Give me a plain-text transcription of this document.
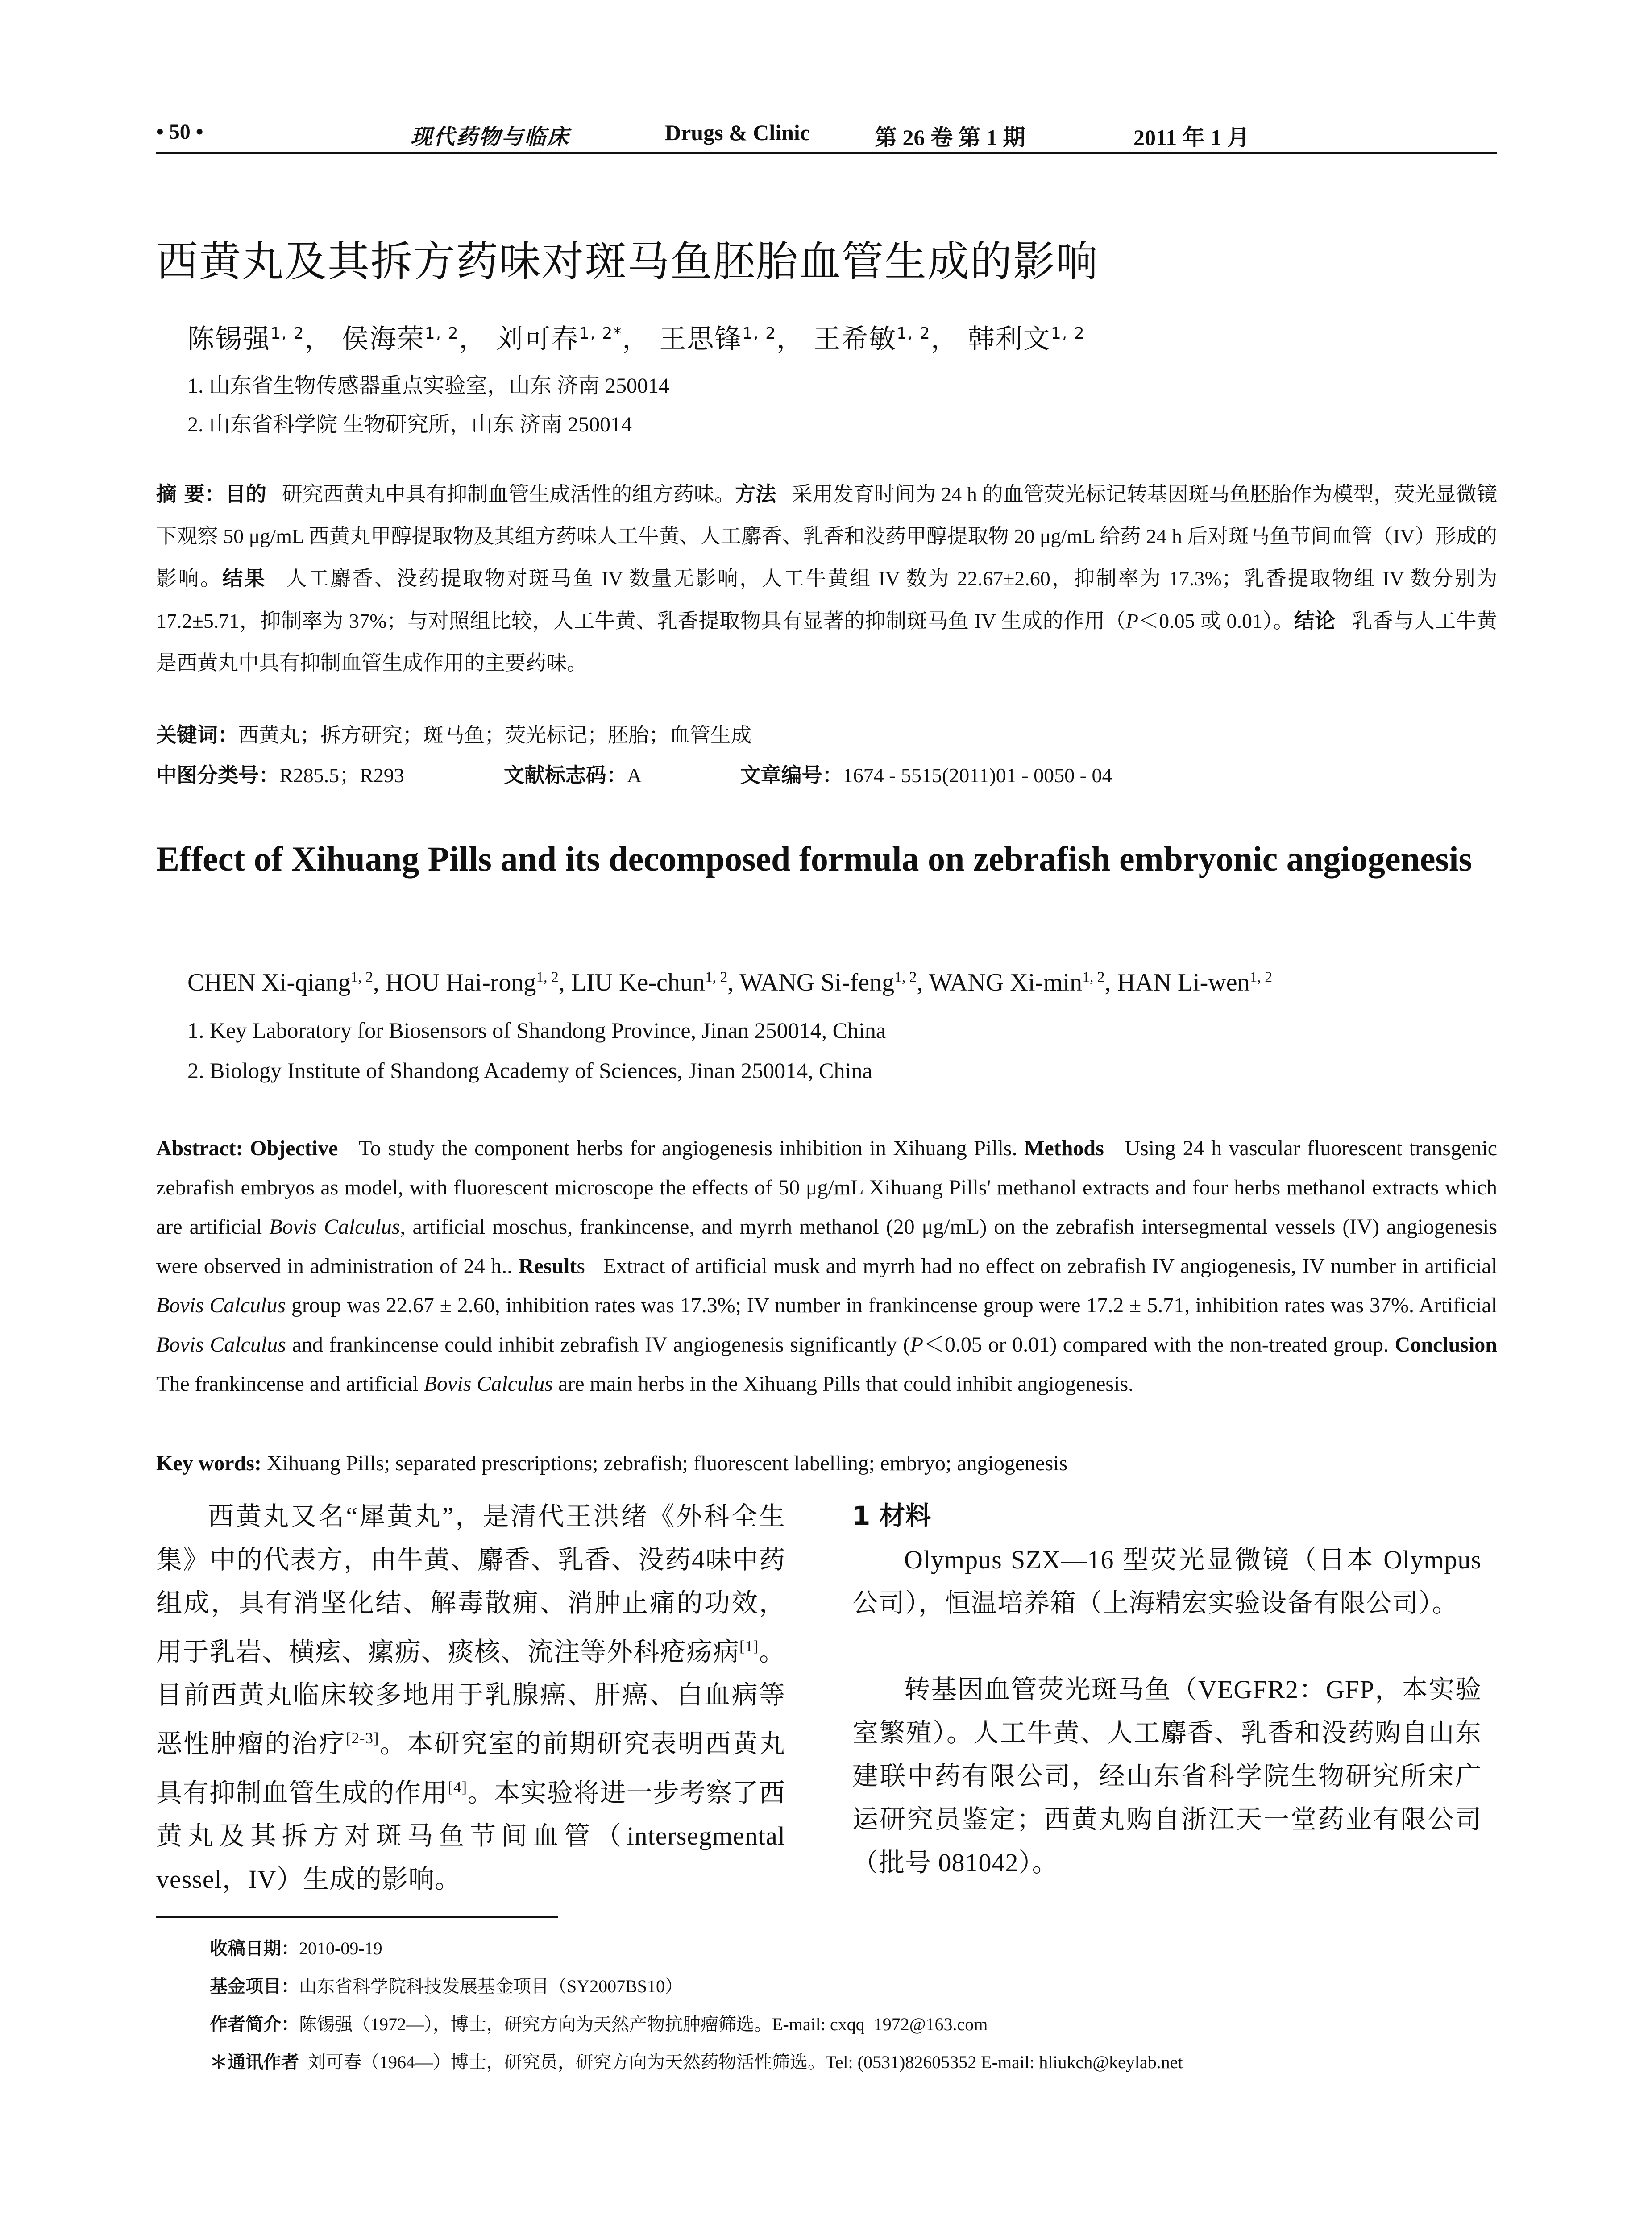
• 50 •	现代药物与临床	Drugs & Clinic	第 26 卷 第 1 期	2011 年 1 月
西黄丸及其拆方药味对斑马鱼胚胎血管生成的影响
陈锡强$^{1, 2}$， 侯海荣$^{1, 2}$， 刘可春$^{1, 2*}$， 王思锋$^{1, 2}$， 王希敏$^{1, 2}$， 韩利文$^{1, 2}$
1. 山东省生物传感器重点实验室，山东 济南 250014
2. 山东省科学院 生物研究所，山东 济南 250014
摘 要：目的 研究西黄丸中具有抑制血管生成活性的组方药味。方法 采用发育时间为 24 h 的血管荧光标记转基因斑马鱼胚胎作为模型，荧光显微镜下观察 50 μg/mL 西黄丸甲醇提取物及其组方药味人工牛黄、人工麝香、乳香和没药甲醇提取物 20 μg/mL 给药 24 h 后对斑马鱼节间血管（IV）形成的影响。结果 人工麝香、没药提取物对斑马鱼 IV 数量无影响，人工牛黄组 IV 数为 22.67±2.60，抑制率为 17.3%；乳香提取物组 IV 数分别为 17.2±5.71，抑制率为 37%；与对照组比较，人工牛黄、乳香提取物具有显著的抑制斑马鱼 IV 生成的作用（P＜0.05 或 0.01）。结论 乳香与人工牛黄是西黄丸中具有抑制血管生成作用的主要药味。
关键词：西黄丸；拆方研究；斑马鱼；荧光标记；胚胎；血管生成
中图分类号：R285.5；R293	文献标志码：A	文章编号：1674 - 5515(2011)01 - 0050 - 04
Effect of Xihuang Pills and its decomposed formula on zebrafish embryonic angiogenesis
CHEN Xi-qiang$^{1, 2}$, HOU Hai-rong$^{1, 2}$, LIU Ke-chun$^{1, 2}$, WANG Si-feng$^{1, 2}$, WANG $Xi-\min^{1, 2}$, HAN Li-wen$^{1, 2}$
1. Key Laboratory for Biosensors of Shandong Province, Jinan 250014, China
2. Biology Institute of Shandong Academy of Sciences, Jinan 250014, China
Abstract: Objective To study the component herbs for angiogenesis inhibition in Xihuang Pills. Methods Using 24 h vascular fluorescent transgenic zebrafish embryos as model, with fluorescent microscope the effects of 50 μg/mL Xihuang Pills' methanol extracts and four herbs methanol extracts which are artificial Bovis Calculus, artificial moschus, frankincense, and myrrh methanol (20 μg/mL) on the zebrafish intersegmental vessels (IV) angiogenesis were observed in administration of 24 h.. Results Extract of artificial musk and myrrh had no effect on zebrafish IV angiogenesis, IV number in artificial Bovis Calculus group was 22.67 ± 2.60, inhibition rates was 17.3%; IV number in frankincense group were 17.2 ± 5.71, inhibition rates was 37%. Artificial Bovis Calculus and frankincense could inhibit zebrafish IV angiogenesis significantly (P＜0.05 or 0.01) compared with the non-treated group. Conclusion The frankincense and artificial Bovis Calculus are main herbs in the Xihuang Pills that could inhibit angiogenesis.
Key words: Xihuang Pills; separated prescriptions; zebrafish; fluorescent labelling; embryo; angiogenesis
西黄丸又名“犀黄丸”，是清代王洪绪《外科全生集》中的代表方，由牛黄、麝香、乳香、没药4味中药组成，具有消坚化结、解毒散痈、消肿止痛的功效，用于乳岩、横痃、瘰疬、痰核、流注等外科疮疡病[1]。目前西黄丸临床较多地用于乳腺癌、肝癌、白血病等恶性肿瘤的治疗[2-3]。本研究室的前期研究表明西黄丸具有抑制血管生成的作用[4]。本实验将进一步考察了西黄丸及其拆方对斑马鱼节间血管（intersegmental vessel，IV）生成的影响。
1 材料
Olympus SZX—16 型荧光显微镜（日本 Olympus 公司），恒温培养箱（上海精宏实验设备有限公司）。
转基因血管荧光斑马鱼（VEGFR2：GFP，本实验室繁殖）。人工牛黄、人工麝香、乳香和没药购自山东建联中药有限公司，经山东省科学院生物研究所宋广运研究员鉴定；西黄丸购自浙江天一堂药业有限公司（批号 081042）。
收稿日期：2010-09-19
基金项目：山东省科学院科技发展基金项目（SY2007BS10）
作者简介：陈锡强（1972—），博士，研究方向为天然产物抗肿瘤筛选。E-mail: cxqq_1972@163.com
＊通讯作者 刘可春（1964—）博士，研究员，研究方向为天然药物活性筛选。Tel: (0531)82605352 E-mail: hliukch@keylab.net
